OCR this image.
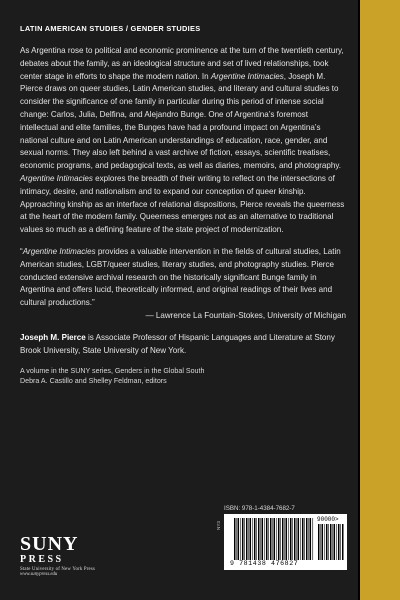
LATIN AMERICAN STUDIES / GENDER STUDIES
As Argentina rose to political and economic prominence at the turn of the twentieth century, debates about the family, as an ideological structure and set of lived relationships, took center stage in efforts to shape the modern nation. In Argentine Intimacies, Joseph M. Pierce draws on queer studies, Latin American studies, and literary and cultural studies to consider the significance of one family in particular during this period of intense social change: Carlos, Julia, Delfina, and Alejandro Bunge. One of Argentina’s foremost intellectual and elite families, the Bunges have had a profound impact on Argentina’s national culture and on Latin American understandings of education, race, gender, and sexual norms. They also left behind a vast archive of fiction, essays, scientific treatises, economic programs, and pedagogical texts, as well as diaries, memoirs, and photography. Argentine Intimacies explores the breadth of their writing to reflect on the intersections of intimacy, desire, and nationalism and to expand our conception of queer kinship. Approaching kinship as an interface of relational dispositions, Pierce reveals the queerness at the heart of the modern family. Queerness emerges not as an alternative to traditional values so much as a defining feature of the state project of modernization.
“Argentine Intimacies provides a valuable intervention in the fields of cultural studies, Latin American studies, LGBT/queer studies, literary studies, and photography studies. Pierce conducted extensive archival research on the historically significant Bunge family in Argentina and offers lucid, theoretically informed, and original readings of their lives and cultural productions.”
— Lawrence La Fountain-Stokes, University of Michigan
Joseph M. Pierce is Associate Professor of Hispanic Languages and Literature at Stony Brook University, State University of New York.
A volume in the SUNY series, Genders in the Global South
Debra A. Castillo and Shelley Feldman, editors
ISBN: 978-1-4384-7682-7
NY3
90000>
9 781438 476827
SUNY
PRESS
State University of New York Press
www.sunypress.edu
